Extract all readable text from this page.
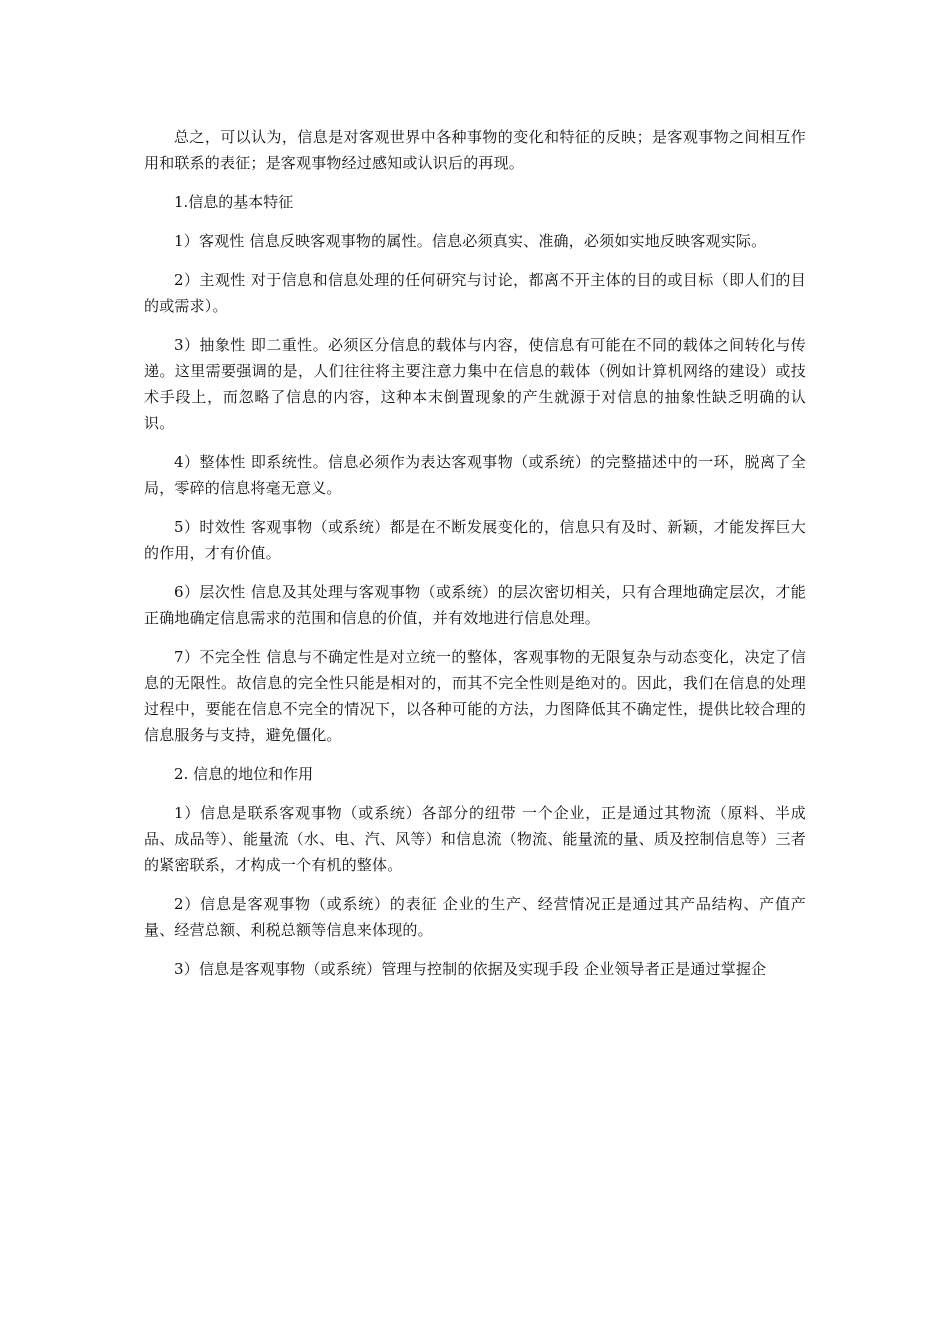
总之，可以认为，信息是对客观世界中各种事物的变化和特征的反映；是客观事物之间相互作用和联系的表征；是客观事物经过感知或认识后的再现。

1.信息的基本特征

1）客观性 信息反映客观事物的属性。信息必须真实、准确，必须如实地反映客观实际。

2）主观性 对于信息和信息处理的任何研究与讨论，都离不开主体的目的或目标（即人们的目的或需求）。

3）抽象性 即二重性。必须区分信息的载体与内容，使信息有可能在不同的载体之间转化与传递。这里需要强调的是，人们往往将主要注意力集中在信息的载体（例如计算机网络的建设）或技术手段上，而忽略了信息的内容，这种本末倒置现象的产生就源于对信息的抽象性缺乏明确的认识。

4）整体性 即系统性。信息必须作为表达客观事物（或系统）的完整描述中的一环，脱离了全局，零碎的信息将毫无意义。

5）时效性 客观事物（或系统）都是在不断发展变化的，信息只有及时、新颖，才能发挥巨大的作用，才有价值。

6）层次性 信息及其处理与客观事物（或系统）的层次密切相关，只有合理地确定层次，才能正确地确定信息需求的范围和信息的价值，并有效地进行信息处理。

7）不完全性 信息与不确定性是对立统一的整体，客观事物的无限复杂与动态变化，决定了信息的无限性。故信息的完全性只能是相对的，而其不完全性则是绝对的。因此，我们在信息的处理过程中，要能在信息不完全的情况下，以各种可能的方法，力图降低其不确定性，提供比较合理的信息服务与支持，避免僵化。

2. 信息的地位和作用

1）信息是联系客观事物（或系统）各部分的纽带 一个企业，正是通过其物流（原料、半成品、成品等）、能量流（水、电、汽、风等）和信息流（物流、能量流的量、质及控制信息等）三者的紧密联系，才构成一个有机的整体。

2）信息是客观事物（或系统）的表征 企业的生产、经营情况正是通过其产品结构、产值产量、经营总额、利税总额等信息来体现的。

3）信息是客观事物（或系统）管理与控制的依据及实现手段 企业领导者正是通过掌握企
